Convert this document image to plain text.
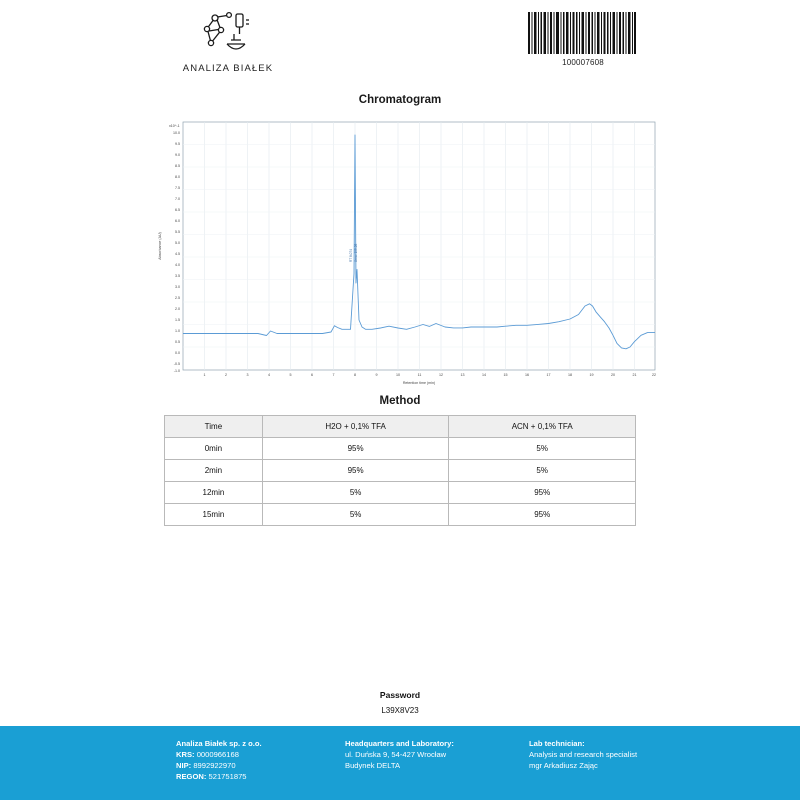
ANALIZA BIAŁEK
100007608
Chromatogram
x10^-1
10.0
9.5
9.0
8.5
8.0
7.5
7.0
6.5
6.0
5.5
5.0
4.5
4.0
3.5
3.0
2.5
2.0
1.5
1.0
0.5
0.0
-0.5
-1.0
Absorbance (AU)
1	2	3	4	5	6	7	8	9	10	11	12	13	14	15	16	17	18	19	20	21	22
Retention time (min)
RT 8.074 Area: 195.28
Method
Time	H2O + 0,1% TFA	ACN + 0,1% TFA
0min	95%	5%
2min	95%	5%
12min	5%	95%
15min	5%	95%
Password
L39X8V23
Analiza Białek sp. z o.o.
KRS: 0000966168
NIP: 8992922970
REGON: 521751875
Headquarters and Laboratory:
ul. Duńska 9, 54-427 Wrocław
Budynek DELTA
Lab technician:
Analysis and research specialist
mgr Arkadiusz Zając
